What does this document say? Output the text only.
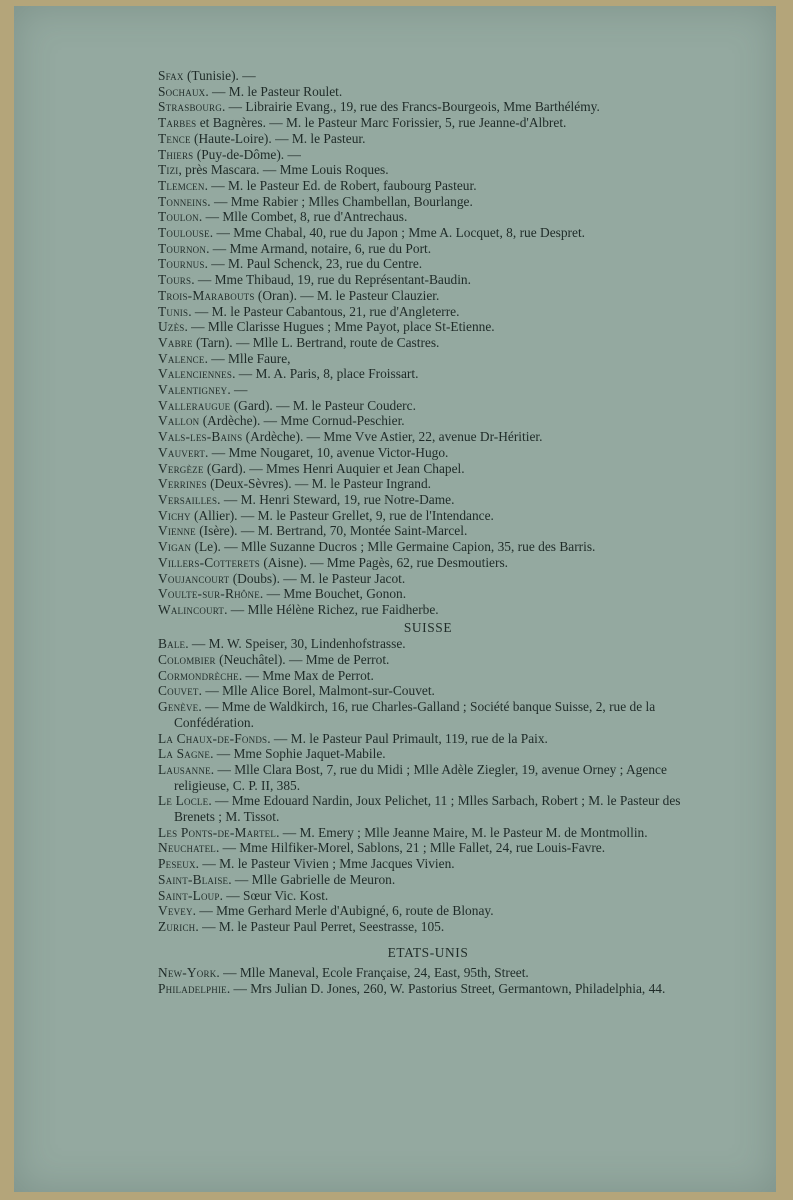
Sfax (Tunisie). —
Sochaux. — M. le Pasteur Roulet.
Strasbourg. — Librairie Evang., 19, rue des Francs-Bourgeois, Mme Barthélémy.
Tarbes et Bagnères. — M. le Pasteur Marc Forissier, 5, rue Jeanne-d'Albret.
Tence (Haute-Loire). — M. le Pasteur.
Thiers (Puy-de-Dôme). —
Tizi, près Mascara. — Mme Louis Roques.
Tlemcen. — M. le Pasteur Ed. de Robert, faubourg Pasteur.
Tonneins. — Mme Rabier ; Mlles Chambellan, Bourlange.
Toulon. — Mlle Combet, 8, rue d'Antrechaus.
Toulouse. — Mme Chabal, 40, rue du Japon ; Mme A. Locquet, 8, rue Despret.
Tournon. — Mme Armand, notaire, 6, rue du Port.
Tournus. — M. Paul Schenck, 23, rue du Centre.
Tours. — Mme Thibaud, 19, rue du Représentant-Baudin.
Trois-Marabouts (Oran). — M. le Pasteur Clauzier.
Tunis. — M. le Pasteur Cabantous, 21, rue d'Angleterre.
Uzès. — Mlle Clarisse Hugues ; Mme Payot, place St-Etienne.
Vabre (Tarn). — Mlle L. Bertrand, route de Castres.
Valence. — Mlle Faure,
Valenciennes. — M. A. Paris, 8, place Froissart.
Valentigney. —
Valleraugue (Gard). — M. le Pasteur Couderc.
Vallon (Ardèche). — Mme Cornud-Peschier.
Vals-les-Bains (Ardèche). — Mme Vve Astier, 22, avenue Dr-Héritier.
Vauvert. — Mme Nougaret, 10, avenue Victor-Hugo.
Vergèze (Gard). — Mmes Henri Auquier et Jean Chapel.
Verrines (Deux-Sèvres). — M. le Pasteur Ingrand.
Versailles. — M. Henri Steward, 19, rue Notre-Dame.
Vichy (Allier). — M. le Pasteur Grellet, 9, rue de l'Intendance.
Vienne (Isère). — M. Bertrand, 70, Montée Saint-Marcel.
Vigan (Le). — Mlle Suzanne Ducros ; Mlle Germaine Capion, 35, rue des Barris.
Villers-Cotterets (Aisne). — Mme Pagès, 62, rue Desmoutiers.
Voujancourt (Doubs). — M. le Pasteur Jacot.
Voulte-sur-Rhône. — Mme Bouchet, Gonon.
Walincourt. — Mlle Hélène Richez, rue Faidherbe.
SUISSE
Bale. — M. W. Speiser, 30, Lindenhofstrasse.
Colombier (Neuchâtel). — Mme de Perrot.
Cormondrèche. — Mme Max de Perrot.
Couvet. — Mlle Alice Borel, Malmont-sur-Couvet.
Genève. — Mme de Waldkirch, 16, rue Charles-Galland ; Société banque Suisse, 2, rue de la Confédération.
La Chaux-de-Fonds. — M. le Pasteur Paul Primault, 119, rue de la Paix.
La Sagne. — Mme Sophie Jaquet-Mabile.
Lausanne. — Mlle Clara Bost, 7, rue du Midi ; Mlle Adèle Ziegler, 19, avenue Orney ; Agence religieuse, C. P. II, 385.
Le Locle. — Mme Edouard Nardin, Joux Pelichet, 11 ; Mlles Sarbach, Robert ; M. le Pasteur des Brenets ; M. Tissot.
Les Ponts-de-Martel. — M. Emery ; Mlle Jeanne Maire, M. le Pasteur M. de Montmollin.
Neuchatel. — Mme Hilfiker-Morel, Sablons, 21 ; Mlle Fallet, 24, rue Louis-Favre.
Peseux. — M. le Pasteur Vivien ; Mme Jacques Vivien.
Saint-Blaise. — Mlle Gabrielle de Meuron.
Saint-Loup. — Sœur Vic. Kost.
Vevey. — Mme Gerhard Merle d'Aubigné, 6, route de Blonay.
Zurich. — M. le Pasteur Paul Perret, Seestrasse, 105.
ETATS-UNIS
New-York. — Mlle Maneval, Ecole Française, 24, East, 95th, Street.
Philadelphie. — Mrs Julian D. Jones, 260, W. Pastorius Street, Germantown, Philadelphia, 44.
